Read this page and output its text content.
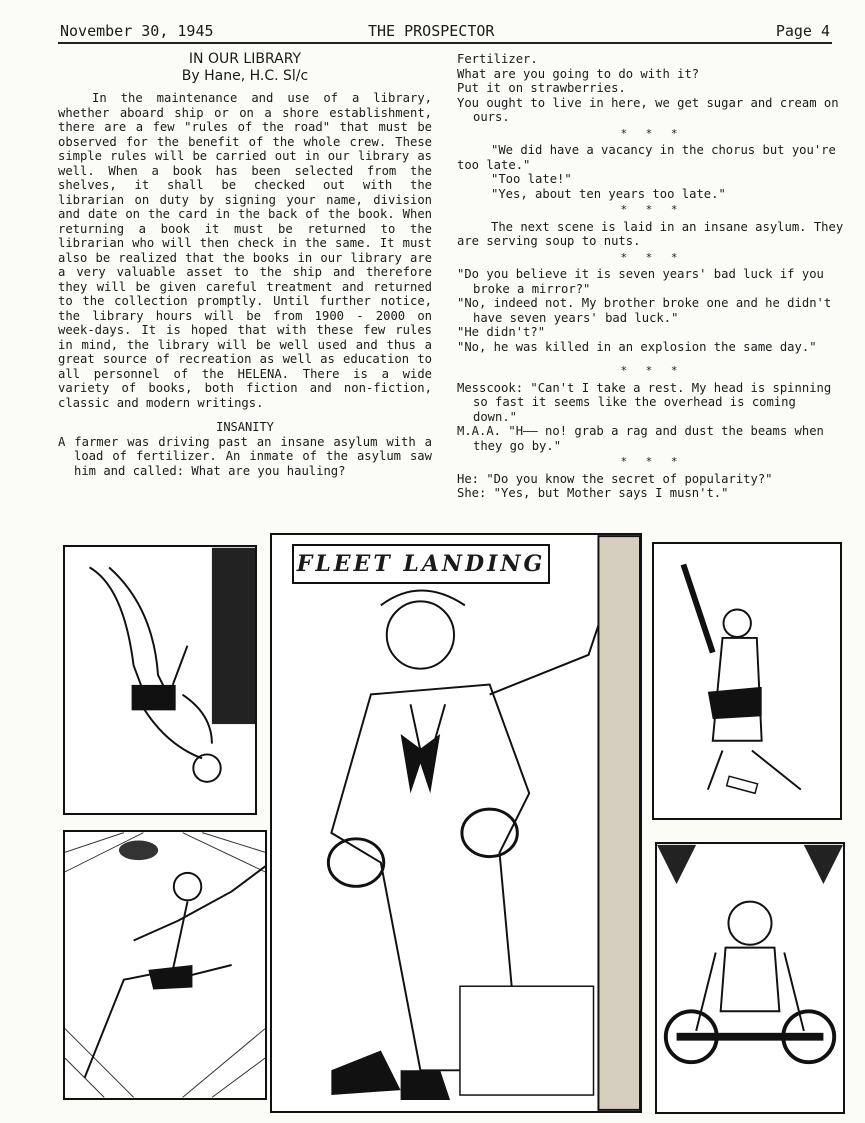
November 30, 1945	THE PROSPECTOR	Page 4

IN OUR LIBRARY

By Hane, H.C. Sl/c

In the maintenance and use of a library, whether aboard ship or on a shore establishment, there are a few "rules of the road" that must be observed for the benefit of the whole crew. These simple rules will be carried out in our library as well. When a book has been selected from the shelves, it shall be checked out with the librarian on duty by signing your name, division and date on the card in the back of the book. When returning a book it must be returned to the librarian who will then check in the same. It must also be realized that the books in our library are a very valuable asset to the ship and therefore they will be given careful treatment and returned to the collection promptly. Until further notice, the library hours will be from 1900 - 2000 on week-days. It is hoped that with these few rules in mind, the library will be well used and thus a great source of recreation as well as education to all personnel of the HELENA. There is a wide variety of books, both fiction and non-fiction, classic and modern writings.

INSANITY

A farmer was driving past an insane asylum with a load of fertilizer. An inmate of the asylum saw him and called: What are you hauling?

Fertilizer.

What are you going to do with it?

Put it on strawberries.

You ought to live in here, we get sugar and cream on ours.

* * *

"We did have a vacancy in the chorus but you're too late."

"Too late!"

"Yes, about ten years too late."

* * *

The next scene is laid in an insane asylum. They are serving soup to nuts.

* * *

"Do you believe it is seven years' bad luck if you broke a mirror?"

"No, indeed not. My brother broke one and he didn't have seven years' bad luck."

"He didn't?"

"No, he was killed in an explosion the same day."

* * *

Messcook: "Can't I take a rest. My head is spinning so fast it seems like the overhead is coming down."

M.A.A. "H—— no! grab a rag and dust the beams when they go by."

* * *

He: "Do you know the secret of popularity?"

She: "Yes, but Mother says I musn't."

FLEET LANDING
